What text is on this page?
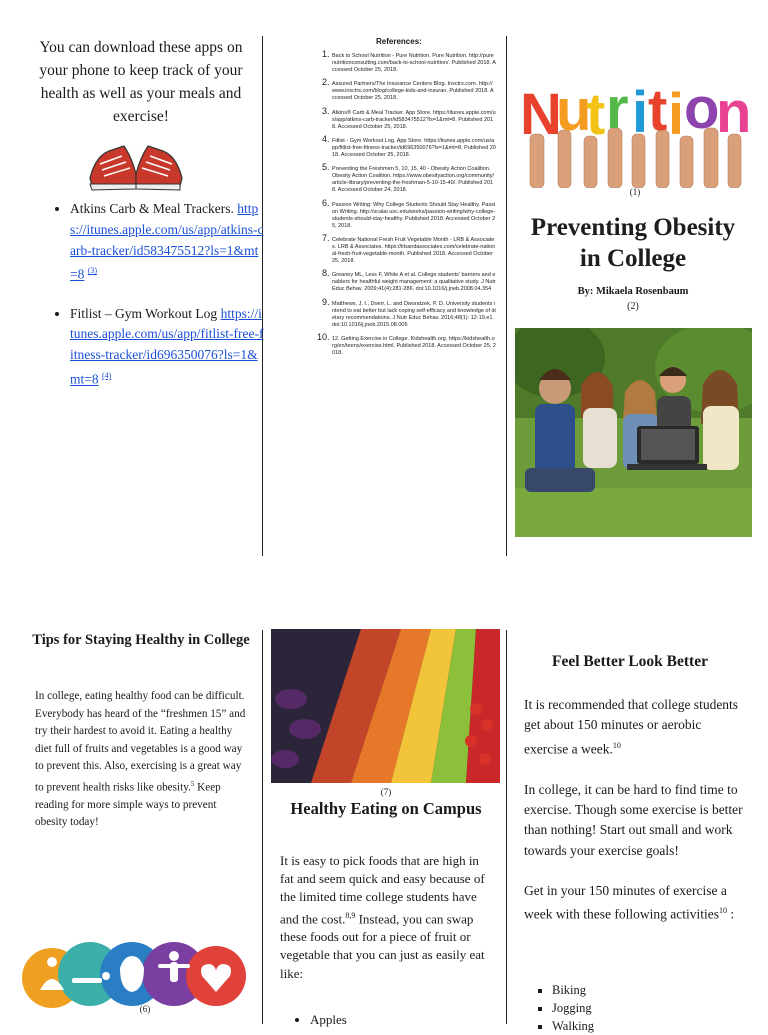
You can download these apps on your phone to keep track of your health as well as your meals and exercise!
• Atkins Carb & Meal Trackers. https://itunes.apple.com/us/app/atkins-carb-tracker/id583475512?ls=1&mt=8 $^{(3)}$
• Fitlist – Gym Workout Log https://itunes.apple.com/us/app/fitlist-free-fitness-tracker/id696350076?ls=1&mt=8 $^{(4)}$
References:
1. Back to School Nutrition - Pure Nutrition. Pure Nutrition. http://purenutritionconsulting.com/back-to-school-nutrition/. Published 2018. Accessed October 25, 2018.
2. Assured Partners/The Insurance Centers Blog. Insctrs.com. http://www.insctrs.com/blog/college-kids-and-insuran. Published 2018. Accessed October 25, 2018.
3. Atkins® Carb & Meal Tracker. App Store. https://itunes.apple.com/us/app/atkins-carb-tracker/id583475512?ls=1&mt=8. Published 2018. Accessed October 25, 2018.
4. Fitlist - Gym Workout Log. App Store. https://itunes.apple.com/us/app/fitlist-free-fitness-tracker/id696350076?ls=1&mt=8. Published 2018. Accessed October 25, 2018.
5. Preventing the Freshmen 5, 10, 15, 40 - Obesity Action Coalition. Obesity Action Coalition. https://www.obesityaction.org/community/article-library/preventing-the-freshman-5-10-15-40/. Published 2018. Accessed October 24, 2018.
6. Passion Writing: Why College Students Should Stay Healthy. Passion Writing. http://scalar.usc.edu/works/passion-writing/why-college-students-should-stay-healthy. Published 2018. Accessed October 25, 2018.
7. Celebrate National Fresh Fruit Vegetable Month - LRB & Associates. LRB & Associates. https://lrbandassociates.com/celebrate-national-fresh-fruit-vegetable-month. Published 2018. Accessed October 25, 2018.
8. Greaney ML, Less F, White A et al. College students' barriers and enablers for healthful weight management: a qualitative study. J Nutr Educ Behav. 2009;41(4):281-286. doi:10.1016/j.jneb.2008.04.354
9. Matthews, J. I., Doerr, L. and Dworatzek, P. D. University students intend to eat better but lack coping self-efficacy and knowledge of dietary recommendations. J Nutr Educ Behav. 2016;48(1): 12-19.e1.doi:10.1016/j.jneb.2015.08.005
10. 12. Getting Exercise in College. Kidshealth.org. https://kidshealth.org/en/teens/exercise.html. Published 2018. Accessed October 25, 2018.
N
u
t r i t i o
n
(1)
Preventing Obesity in College
By: Mikaela Rosenbaum
(2)
Tips for Staying Healthy in College
In college, eating healthy food can be difficult. Everybody has heard of the “freshmen 15” and try their hardest to avoid it. Eating a healthy diet full of fruits and vegetables is a good way to prevent this. Also, exercising is a great way to prevent health risks like obesity.$^5$ Keep reading for more simple ways to prevent obesity today!
(6)
(7)
Healthy Eating on Campus
It is easy to pick foods that are high in fat and seem quick and easy because of the limited time college students have and the cost.$^{8,9}$ Instead, you can swap these foods out for a piece of fruit or vegetable that you can just as easily eat like:
• Apples
Feel Better Look Better

It is recommended that college students get about 150 minutes or aerobic exercise a week.$^{10}$

In college, it can be hard to find time to exercise. Though some exercise is better than nothing! Start out small and work towards your exercise goals!

Get in your 150 minutes of exercise a week with these following activities$^{10}$ :

▪ Biking
▪ Jogging
▪ Walking
